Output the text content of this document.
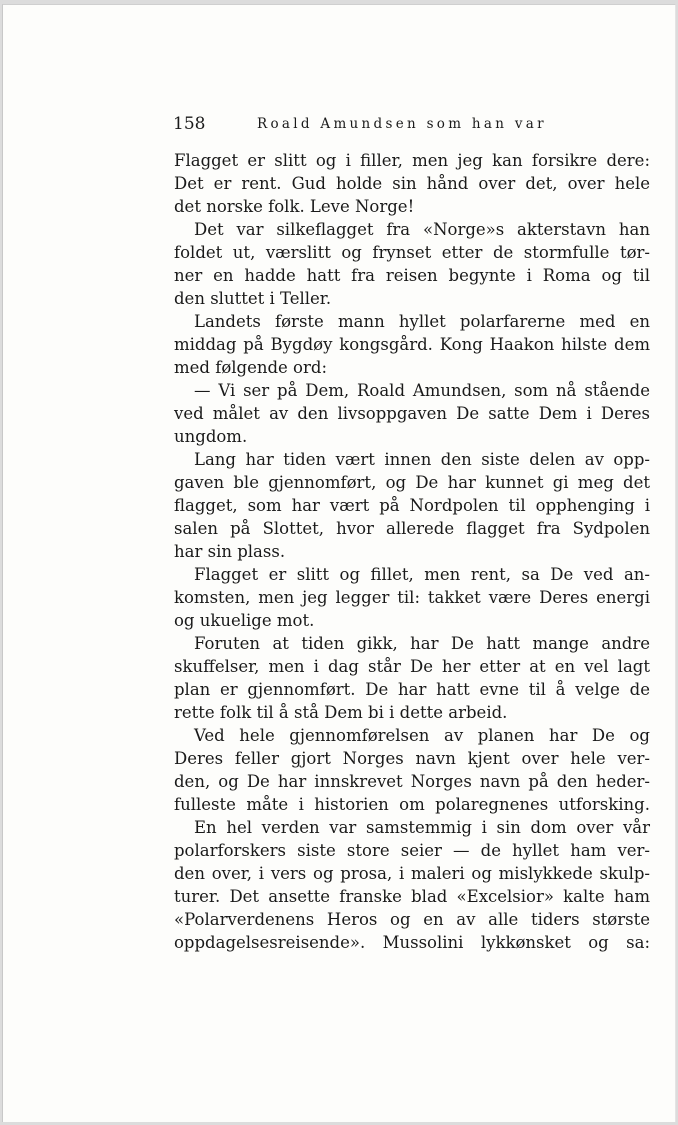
158	Roald Amundsen som han var
Flagget er slitt og i filler, men jeg kan forsikre dere:
Det er rent. Gud holde sin hånd over det, over hele
det norske folk. Leve Norge!
Det var silkeflagget fra «Norge»s akterstavn han
foldet ut, værslitt og frynset etter de stormfulle tør-
ner en hadde hatt fra reisen begynte i Roma og til
den sluttet i Teller.
Landets første mann hyllet polarfarerne med en
middag på Bygdøy kongsgård. Kong Haakon hilste dem
med følgende ord:
— Vi ser på Dem, Roald Amundsen, som nå stående
ved målet av den livsoppgaven De satte Dem i Deres
ungdom.
Lang har tiden vært innen den siste delen av opp-
gaven ble gjennomført, og De har kunnet gi meg det
flagget, som har vært på Nordpolen til opphenging i
salen på Slottet, hvor allerede flagget fra Sydpolen
har sin plass.
Flagget er slitt og fillet, men rent, sa De ved an-
komsten, men jeg legger til: takket være Deres energi
og ukuelige mot.
Foruten at tiden gikk, har De hatt mange andre
skuffelser, men i dag står De her etter at en vel lagt
plan er gjennomført. De har hatt evne til å velge de
rette folk til å stå Dem bi i dette arbeid.
Ved hele gjennomførelsen av planen har De og
Deres feller gjort Norges navn kjent over hele ver-
den, og De har innskrevet Norges navn på den heder-
fulleste måte i historien om polaregnenes utforsking.
En hel verden var samstemmig i sin dom over vår
polarforskers siste store seier — de hyllet ham ver-
den over, i vers og prosa, i maleri og mislykkede skulp-
turer. Det ansette franske blad «Excelsior» kalte ham
«Polarverdenens Heros og en av alle tiders største
oppdagelsesreisende». Mussolini lykkønsket og sa:
